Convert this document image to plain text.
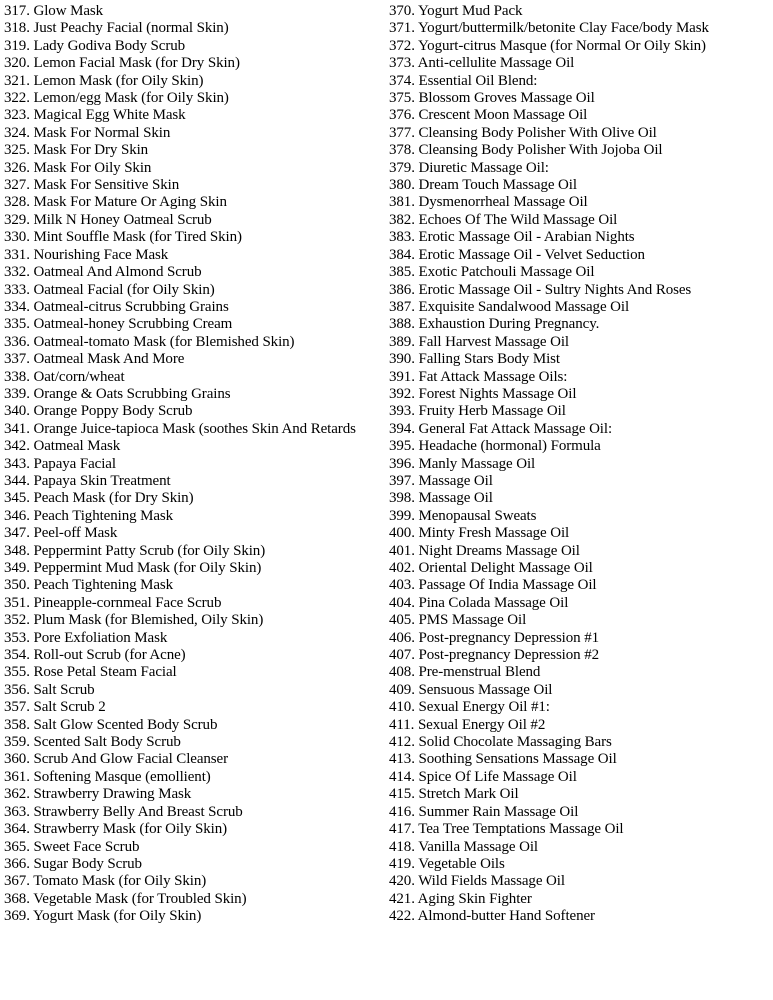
317. Glow Mask
318. Just Peachy Facial (normal Skin)
319. Lady Godiva Body Scrub
320. Lemon Facial Mask (for Dry Skin)
321. Lemon Mask (for Oily Skin)
322. Lemon/egg Mask (for Oily Skin)
323. Magical Egg White Mask
324. Mask For Normal Skin
325. Mask For Dry Skin
326. Mask For Oily Skin
327. Mask For Sensitive Skin
328. Mask For Mature Or Aging Skin
329. Milk N Honey Oatmeal Scrub
330. Mint Souffle Mask (for Tired Skin)
331. Nourishing Face Mask
332. Oatmeal And Almond Scrub
333. Oatmeal Facial (for Oily Skin)
334. Oatmeal-citrus Scrubbing Grains
335. Oatmeal-honey Scrubbing Cream
336. Oatmeal-tomato Mask (for Blemished Skin)
337. Oatmeal Mask And More
338. Oat/corn/wheat
339. Orange & Oats Scrubbing Grains
340. Orange Poppy Body Scrub
341. Orange Juice-tapioca Mask (soothes Skin And Retards
342. Oatmeal Mask
343. Papaya Facial
344. Papaya Skin Treatment
345. Peach Mask (for Dry Skin)
346. Peach Tightening Mask
347. Peel-off Mask
348. Peppermint Patty Scrub (for Oily Skin)
349. Peppermint Mud Mask (for Oily Skin)
350. Peach Tightening Mask
351. Pineapple-cornmeal Face Scrub
352. Plum Mask (for Blemished, Oily Skin)
353. Pore Exfoliation Mask
354. Roll-out Scrub (for Acne)
355. Rose Petal Steam Facial
356. Salt Scrub
357. Salt Scrub 2
358. Salt Glow Scented Body Scrub
359. Scented Salt Body Scrub
360. Scrub And Glow Facial Cleanser
361. Softening Masque (emollient)
362. Strawberry Drawing Mask
363. Strawberry Belly And Breast Scrub
364. Strawberry Mask (for Oily Skin)
365. Sweet Face Scrub
366. Sugar Body Scrub
367. Tomato Mask (for Oily Skin)
368. Vegetable Mask (for Troubled Skin)
369. Yogurt Mask (for Oily Skin)
370. Yogurt Mud Pack
371. Yogurt/buttermilk/betonite Clay Face/body Mask
372. Yogurt-citrus Masque (for Normal Or Oily Skin)
373. Anti-cellulite Massage Oil
374. Essential Oil Blend:
375. Blossom Groves Massage Oil
376. Crescent Moon Massage Oil
377. Cleansing Body Polisher With Olive Oil
378. Cleansing Body Polisher With Jojoba Oil
379. Diuretic Massage Oil:
380. Dream Touch Massage Oil
381. Dysmenorrheal Massage Oil
382. Echoes Of The Wild Massage Oil
383. Erotic Massage Oil - Arabian Nights
384. Erotic Massage Oil - Velvet Seduction
385. Exotic Patchouli Massage Oil
386. Erotic Massage Oil - Sultry Nights And Roses
387. Exquisite Sandalwood Massage Oil
388. Exhaustion During Pregnancy.
389. Fall Harvest Massage Oil
390. Falling Stars Body Mist
391. Fat Attack Massage Oils:
392. Forest Nights Massage Oil
393. Fruity Herb Massage Oil
394. General Fat Attack Massage Oil:
395. Headache (hormonal) Formula
396. Manly Massage Oil
397. Massage Oil
398. Massage Oil
399. Menopausal Sweats
400. Minty Fresh Massage Oil
401. Night Dreams Massage Oil
402. Oriental Delight Massage Oil
403. Passage Of India Massage Oil
404. Pina Colada Massage Oil
405. PMS Massage Oil
406. Post-pregnancy Depression #1
407. Post-pregnancy Depression #2
408. Pre-menstrual Blend
409. Sensuous Massage Oil
410. Sexual Energy Oil #1:
411. Sexual Energy Oil #2
412. Solid Chocolate Massaging Bars
413. Soothing Sensations Massage Oil
414. Spice Of Life Massage Oil
415. Stretch Mark Oil
416. Summer Rain Massage Oil
417. Tea Tree Temptations Massage Oil
418. Vanilla Massage Oil
419. Vegetable Oils
420. Wild Fields Massage Oil
421. Aging Skin Fighter
422. Almond-butter Hand Softener
